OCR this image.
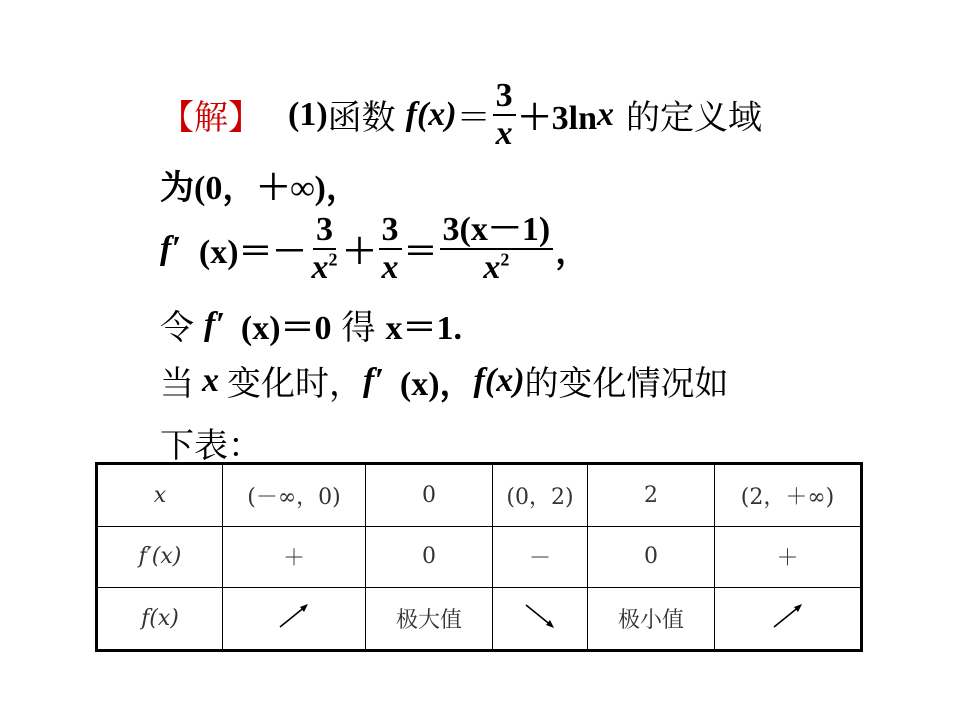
【解】 (1) 函数 $f(x) = \frac{3}{x} +3\ln$ x 的定义域
为(0，＋∞)，
f′ $(x)=- \frac{3}{x^2} + \frac{3}{x} = \frac{3(x-1)}{x^2}$ ，
令 f′ (x)＝0 得 x＝1.
当 x 变化时， f′ (x)， f(x) 的变化情况如
下表：
x	(－∞，0)	0	(0，2)	2	(2，＋∞)
f′(x)	＋	0	－	0	＋
f(x)		极大值		极小值	
